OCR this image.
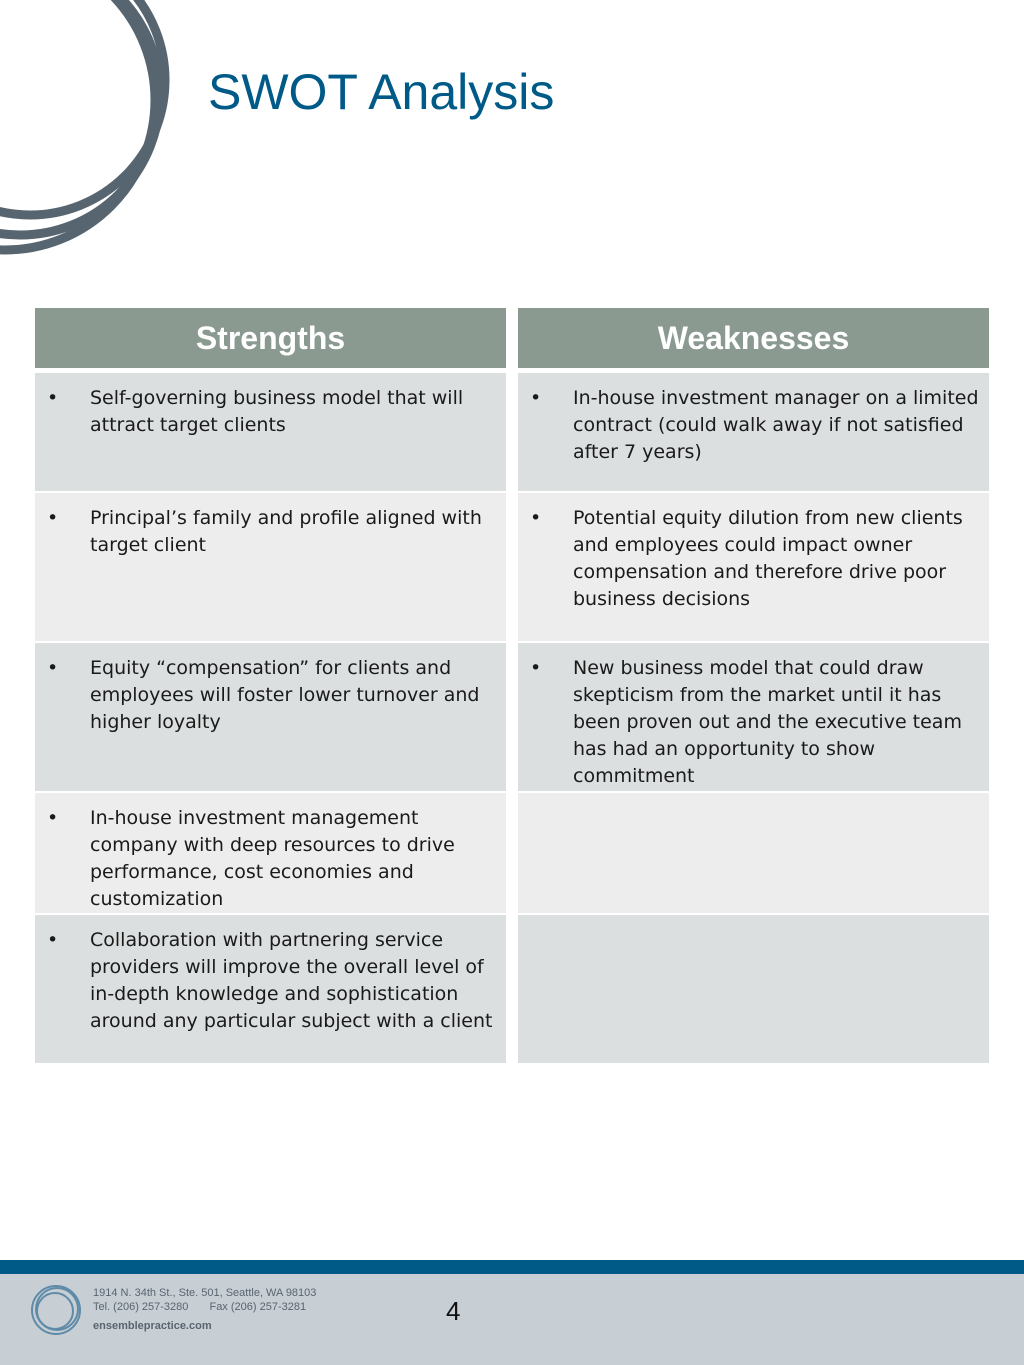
SWOT Analysis
Strengths
• Self-governing business model that will attract target clients
• Principal’s family and profile aligned with target client
• Equity “compensation” for clients and employees will foster lower turnover and higher loyalty
• In-house investment management company with deep resources to drive performance, cost economies and customization
• Collaboration with partnering service providers will improve the overall level of in-depth knowledge and sophistication around any particular subject with a client
Weaknesses
• In-house investment manager on a limited contract (could walk away if not satisfied after 7 years)
• Potential equity dilution from new clients and employees could impact owner compensation and therefore drive poor business decisions
• New business model that could draw skepticism from the market until it has been proven out and the executive team has had an opportunity to show commitment
1914 N. 34th St., Ste. 501, Seattle, WA 98103
Tel. (206) 257-3280 Fax (206) 257-3281
ensemblepractice.com	4
